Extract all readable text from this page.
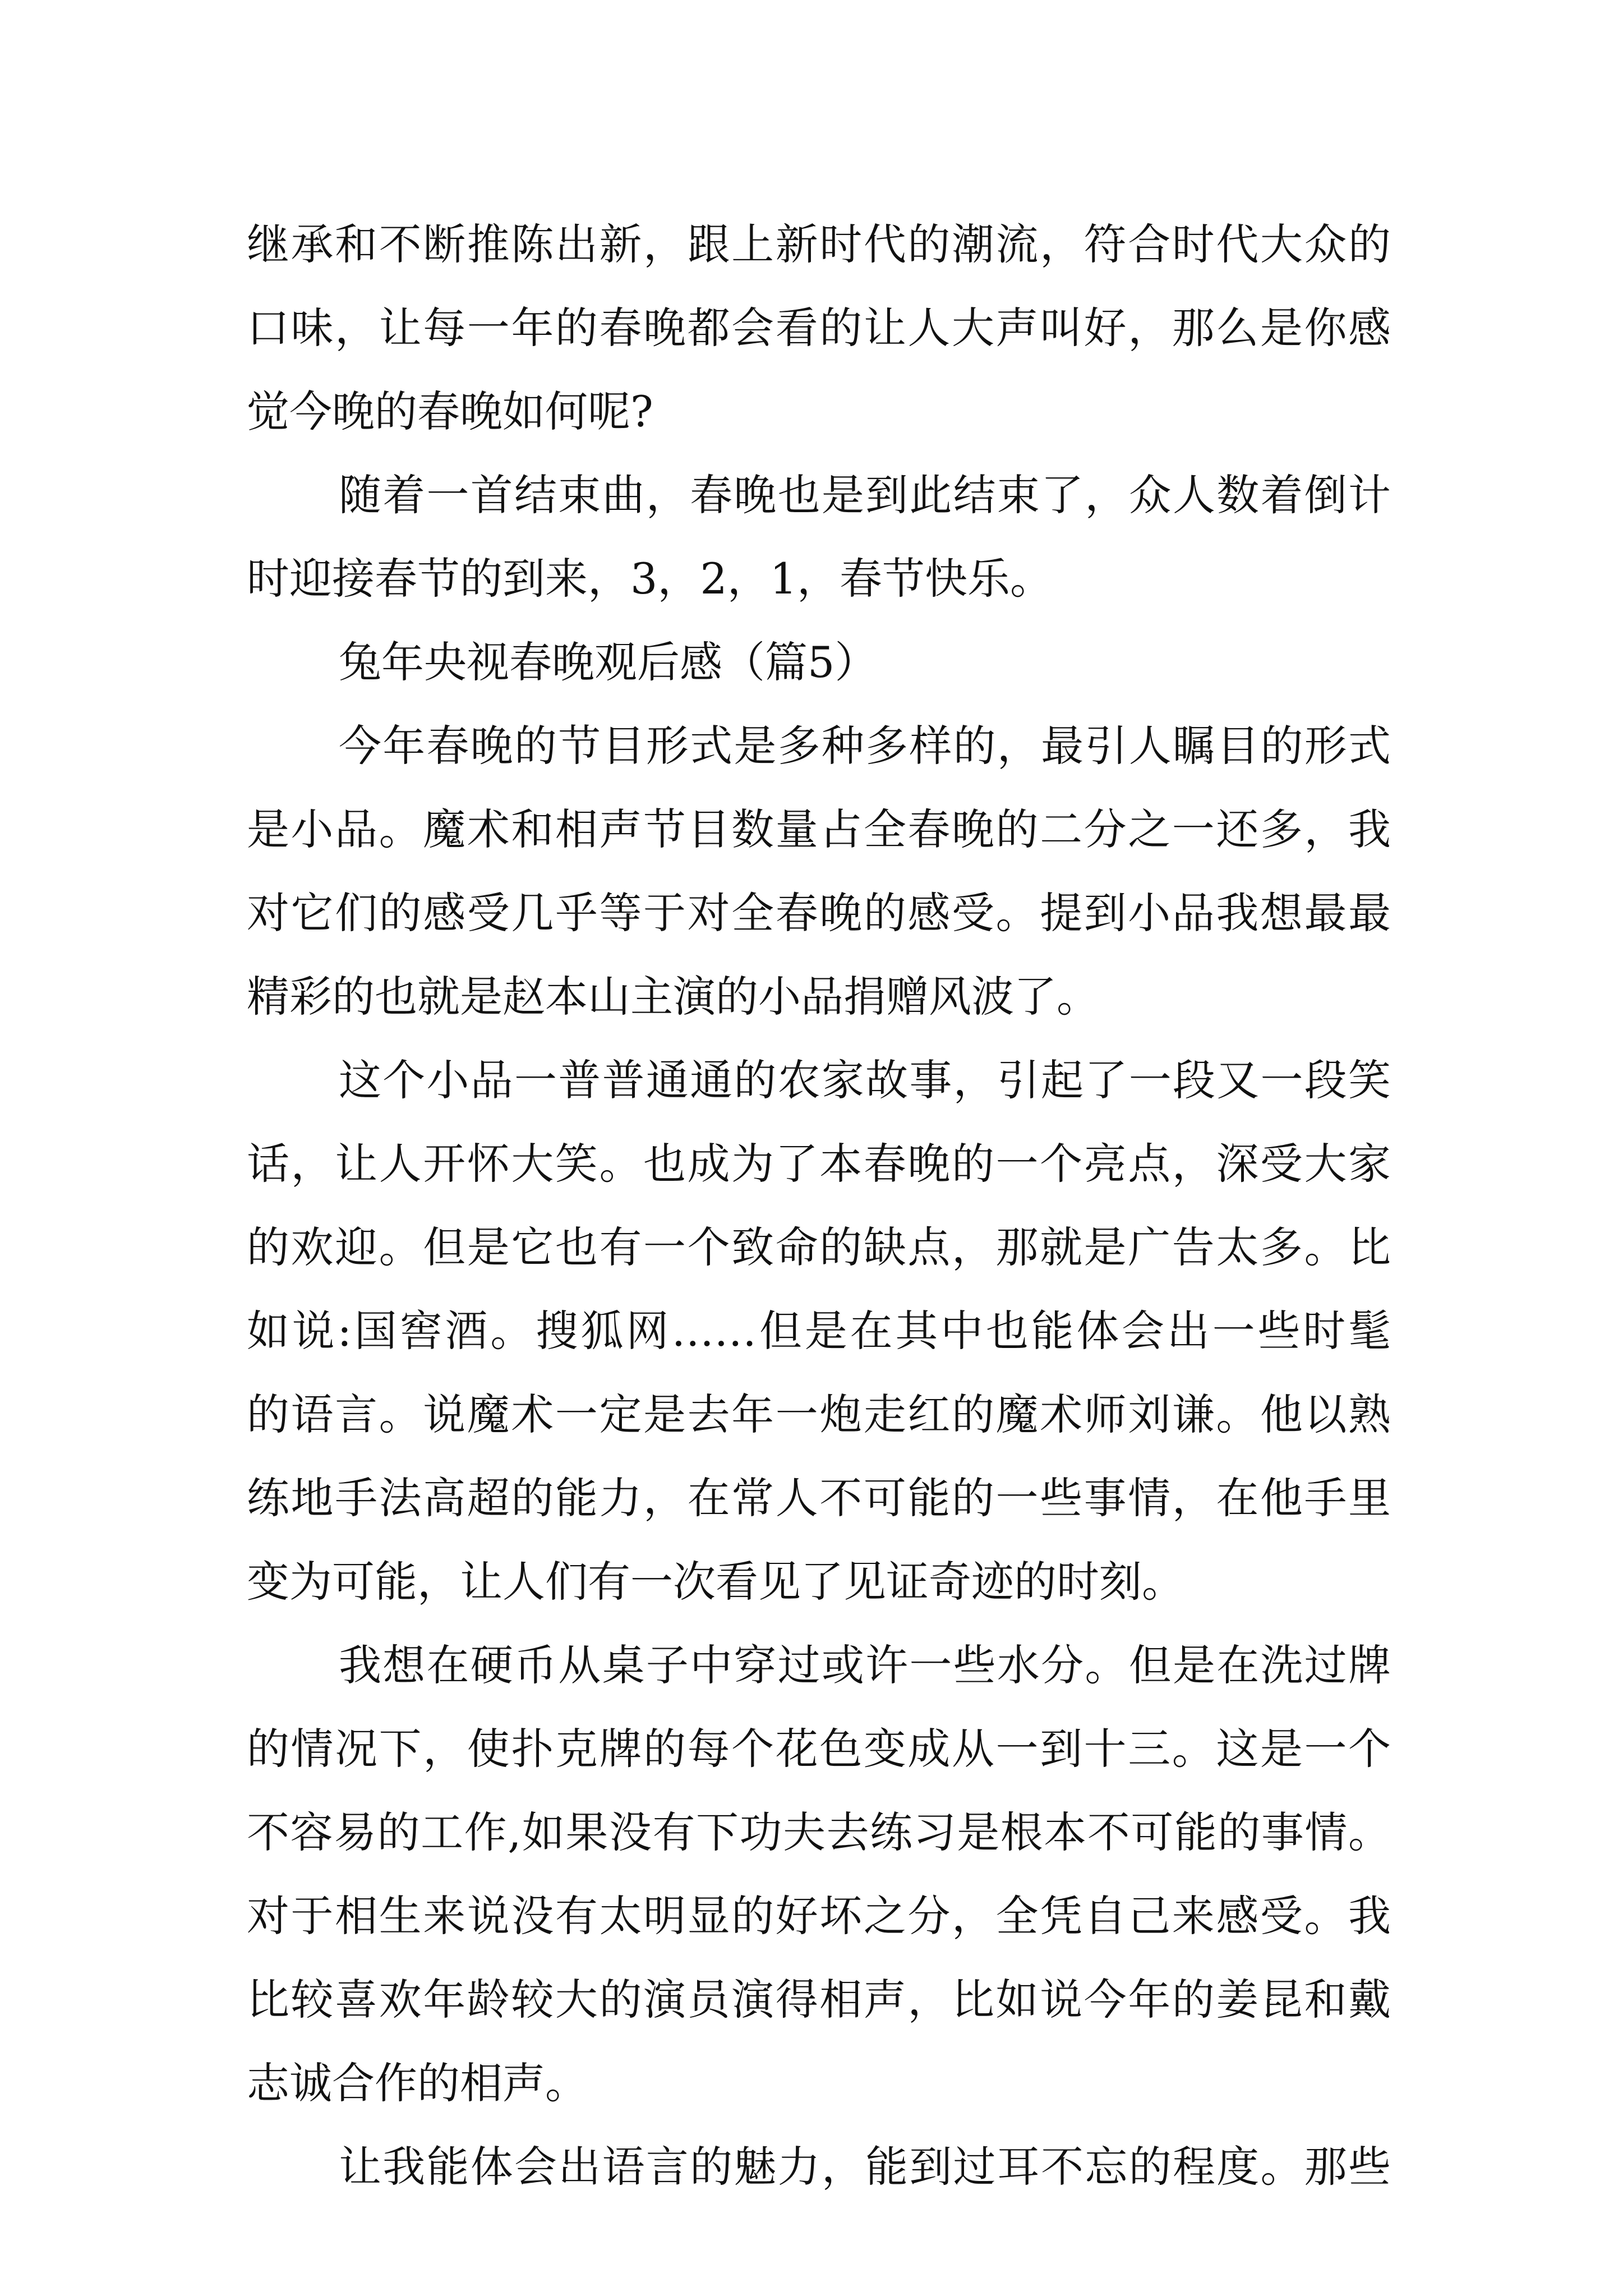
继承和不断推陈出新，跟上新时代的潮流，符合时代大众的
口味，让每一年的春晚都会看的让人大声叫好，那么是你感
觉今晚的春晚如何呢?
随着一首结束曲，春晚也是到此结束了，众人数着倒计
时迎接春节的到来，3，2，1，春节快乐。
兔年央视春晚观后感（篇5）
今年春晚的节目形式是多种多样的，最引人瞩目的形式
是小品。魔术和相声节目数量占全春晚的二分之一还多，我
对它们的感受几乎等于对全春晚的感受。提到小品我想最最
精彩的也就是赵本山主演的小品捐赠风波了。
这个小品一普普通通的农家故事，引起了一段又一段笑
话，让人开怀大笑。也成为了本春晚的一个亮点，深受大家
的欢迎。但是它也有一个致命的缺点，那就是广告太多。比
如说:国窖酒。搜狐网……但是在其中也能体会出一些时髦
的语言。说魔术一定是去年一炮走红的魔术师刘谦。他以熟
练地手法高超的能力，在常人不可能的一些事情，在他手里
变为可能，让人们有一次看见了见证奇迹的时刻。
我想在硬币从桌子中穿过或许一些水分。但是在洗过牌
的情况下，使扑克牌的每个花色变成从一到十三。这是一个
不容易的工作,如果没有下功夫去练习是根本不可能的事情。
对于相生来说没有太明显的好坏之分，全凭自己来感受。我
比较喜欢年龄较大的演员演得相声，比如说今年的姜昆和戴
志诚合作的相声。
让我能体会出语言的魅力，能到过耳不忘的程度。那些
